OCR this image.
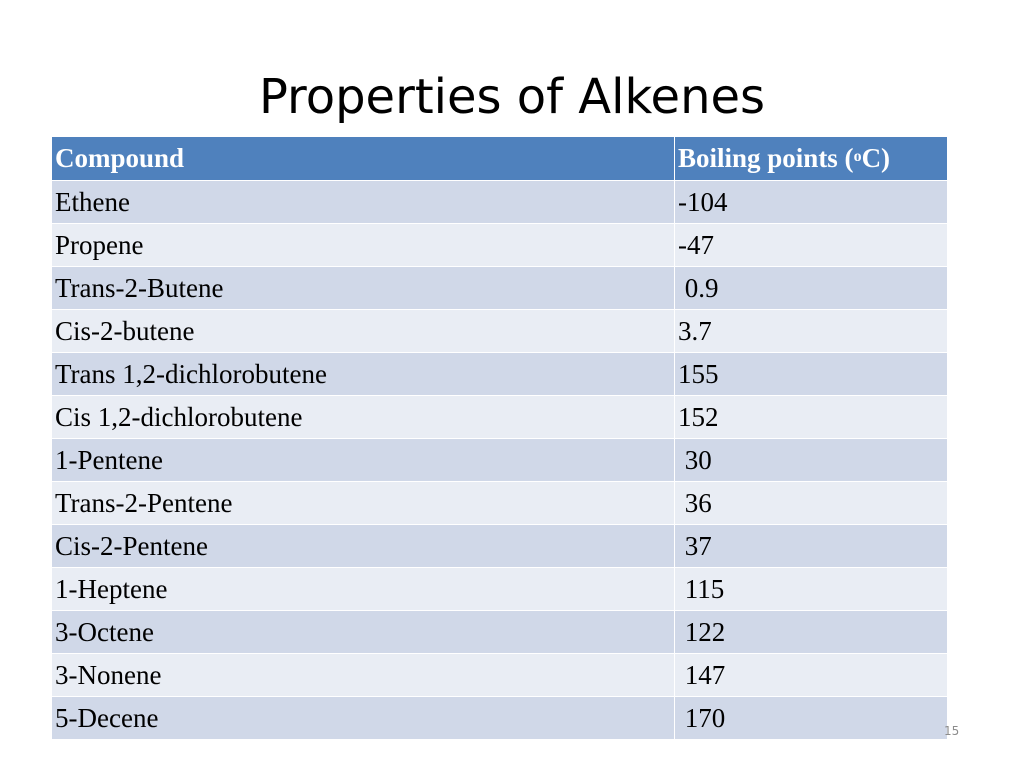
Properties of Alkenes
Compound	Boiling points ($^o$C)
Ethene	-104
Propene	-47
Trans-2-Butene	0.9
Cis-2-butene	3.7
Trans 1,2-dichlorobutene	155
Cis 1,2-dichlorobutene	152
1-Pentene	30
Trans-2-Pentene	36
Cis-2-Pentene	37
1-Heptene	115
3-Octene	122
3-Nonene	147
5-Decene	170	15
